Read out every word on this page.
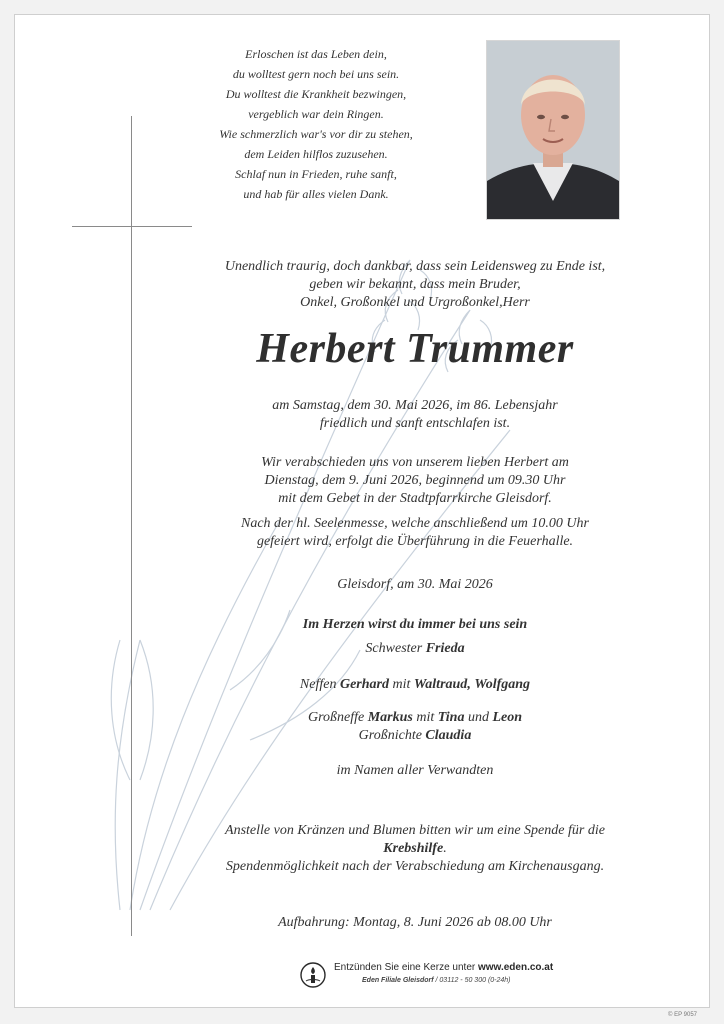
Erloschen ist das Leben dein,
du wolltest gern noch bei uns sein.
Du wolltest die Krankheit bezwingen,
vergeblich war dein Ringen.
Wie schmerzlich war's vor dir zu stehen,
dem Leiden hilflos zuzusehen.
Schlaf nun in Frieden, ruhe sanft,
und hab für alles vielen Dank.
Unendlich traurig, doch dankbar, dass sein Leidensweg zu Ende ist,
geben wir bekannt, dass mein Bruder,
Onkel, Großonkel und Urgroßonkel,Herr
Herbert Trummer
am Samstag, dem 30. Mai 2026, im 86. Lebensjahr
friedlich und sanft entschlafen ist.
Wir verabschieden uns von unserem lieben Herbert am
Dienstag, dem 9. Juni 2026, beginnend um 09.30 Uhr
mit dem Gebet in der Stadtpfarrkirche Gleisdorf.
Nach der hl. Seelenmesse, welche anschließend um 10.00 Uhr
gefeiert wird, erfolgt die Überführung in die Feuerhalle.
Gleisdorf, am 30. Mai 2026
Im Herzen wirst du immer bei uns sein
Schwester Frieda
Neffen Gerhard mit Waltraud, Wolfgang
Großneffe Markus mit Tina und Leon
Großnichte Claudia
im Namen aller Verwandten
Anstelle von Kränzen und Blumen bitten wir um eine Spende für die
Krebshilfe.
Spendenmöglichkeit nach der Verabschiedung am Kirchenausgang.
Aufbahrung: Montag, 8. Juni 2026 ab 08.00 Uhr
Entzünden Sie eine Kerze unter www.eden.co.at
Eden Filiale Gleisdorf / 03112 - 50 300 (0-24h)
© EP 9057
